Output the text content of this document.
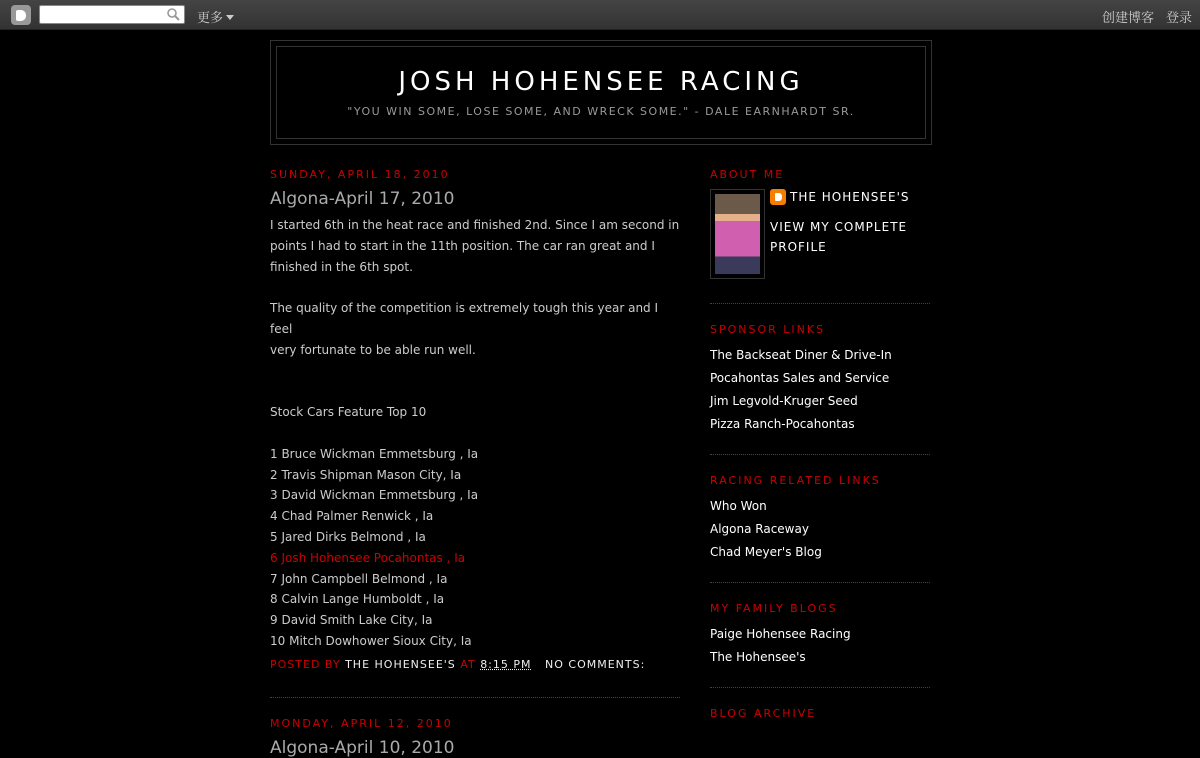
更多	创建博客 登录
JOSH HOHENSEE RACING
"YOU WIN SOME, LOSE SOME, AND WRECK SOME." - DALE EARNHARDT SR.
SUNDAY, APRIL 18, 2010
Algona-April 17, 2010

I started 6th in the heat race and finished 2nd. Since I am second in

points I had to start in the 11th position. The car ran great and I

finished in the 6th spot.

The quality of the competition is extremely tough this year and I feel

very fortunate to be able run well.

Stock Cars Feature Top 10

1 Bruce Wickman Emmetsburg , Ia

2 Travis Shipman Mason City, Ia

3 David Wickman Emmetsburg , Ia

4 Chad Palmer Renwick , Ia

5 Jared Dirks Belmond , Ia

6 Josh Hohensee Pocahontas , Ia

7 John Campbell Belmond , Ia

8 Calvin Lange Humboldt , Ia

9 David Smith Lake City, Ia

10 Mitch Dowhower Sioux City, Ia

POSTED BY THE HOHENSEE'S AT 8:15 PM NO COMMENTS:
MONDAY, APRIL 12, 2010
Algona-April 10, 2010
ABOUT ME
THE HOHENSEE'S
VIEW MY COMPLETE PROFILE
SPONSOR LINKS
The Backseat Diner & Drive-In
Pocahontas Sales and Service
Jim Legvold-Kruger Seed
Pizza Ranch-Pocahontas
RACING RELATED LINKS
Who Won
Algona Raceway
Chad Meyer's Blog
MY FAMILY BLOGS
Paige Hohensee Racing
The Hohensee's
BLOG ARCHIVE
